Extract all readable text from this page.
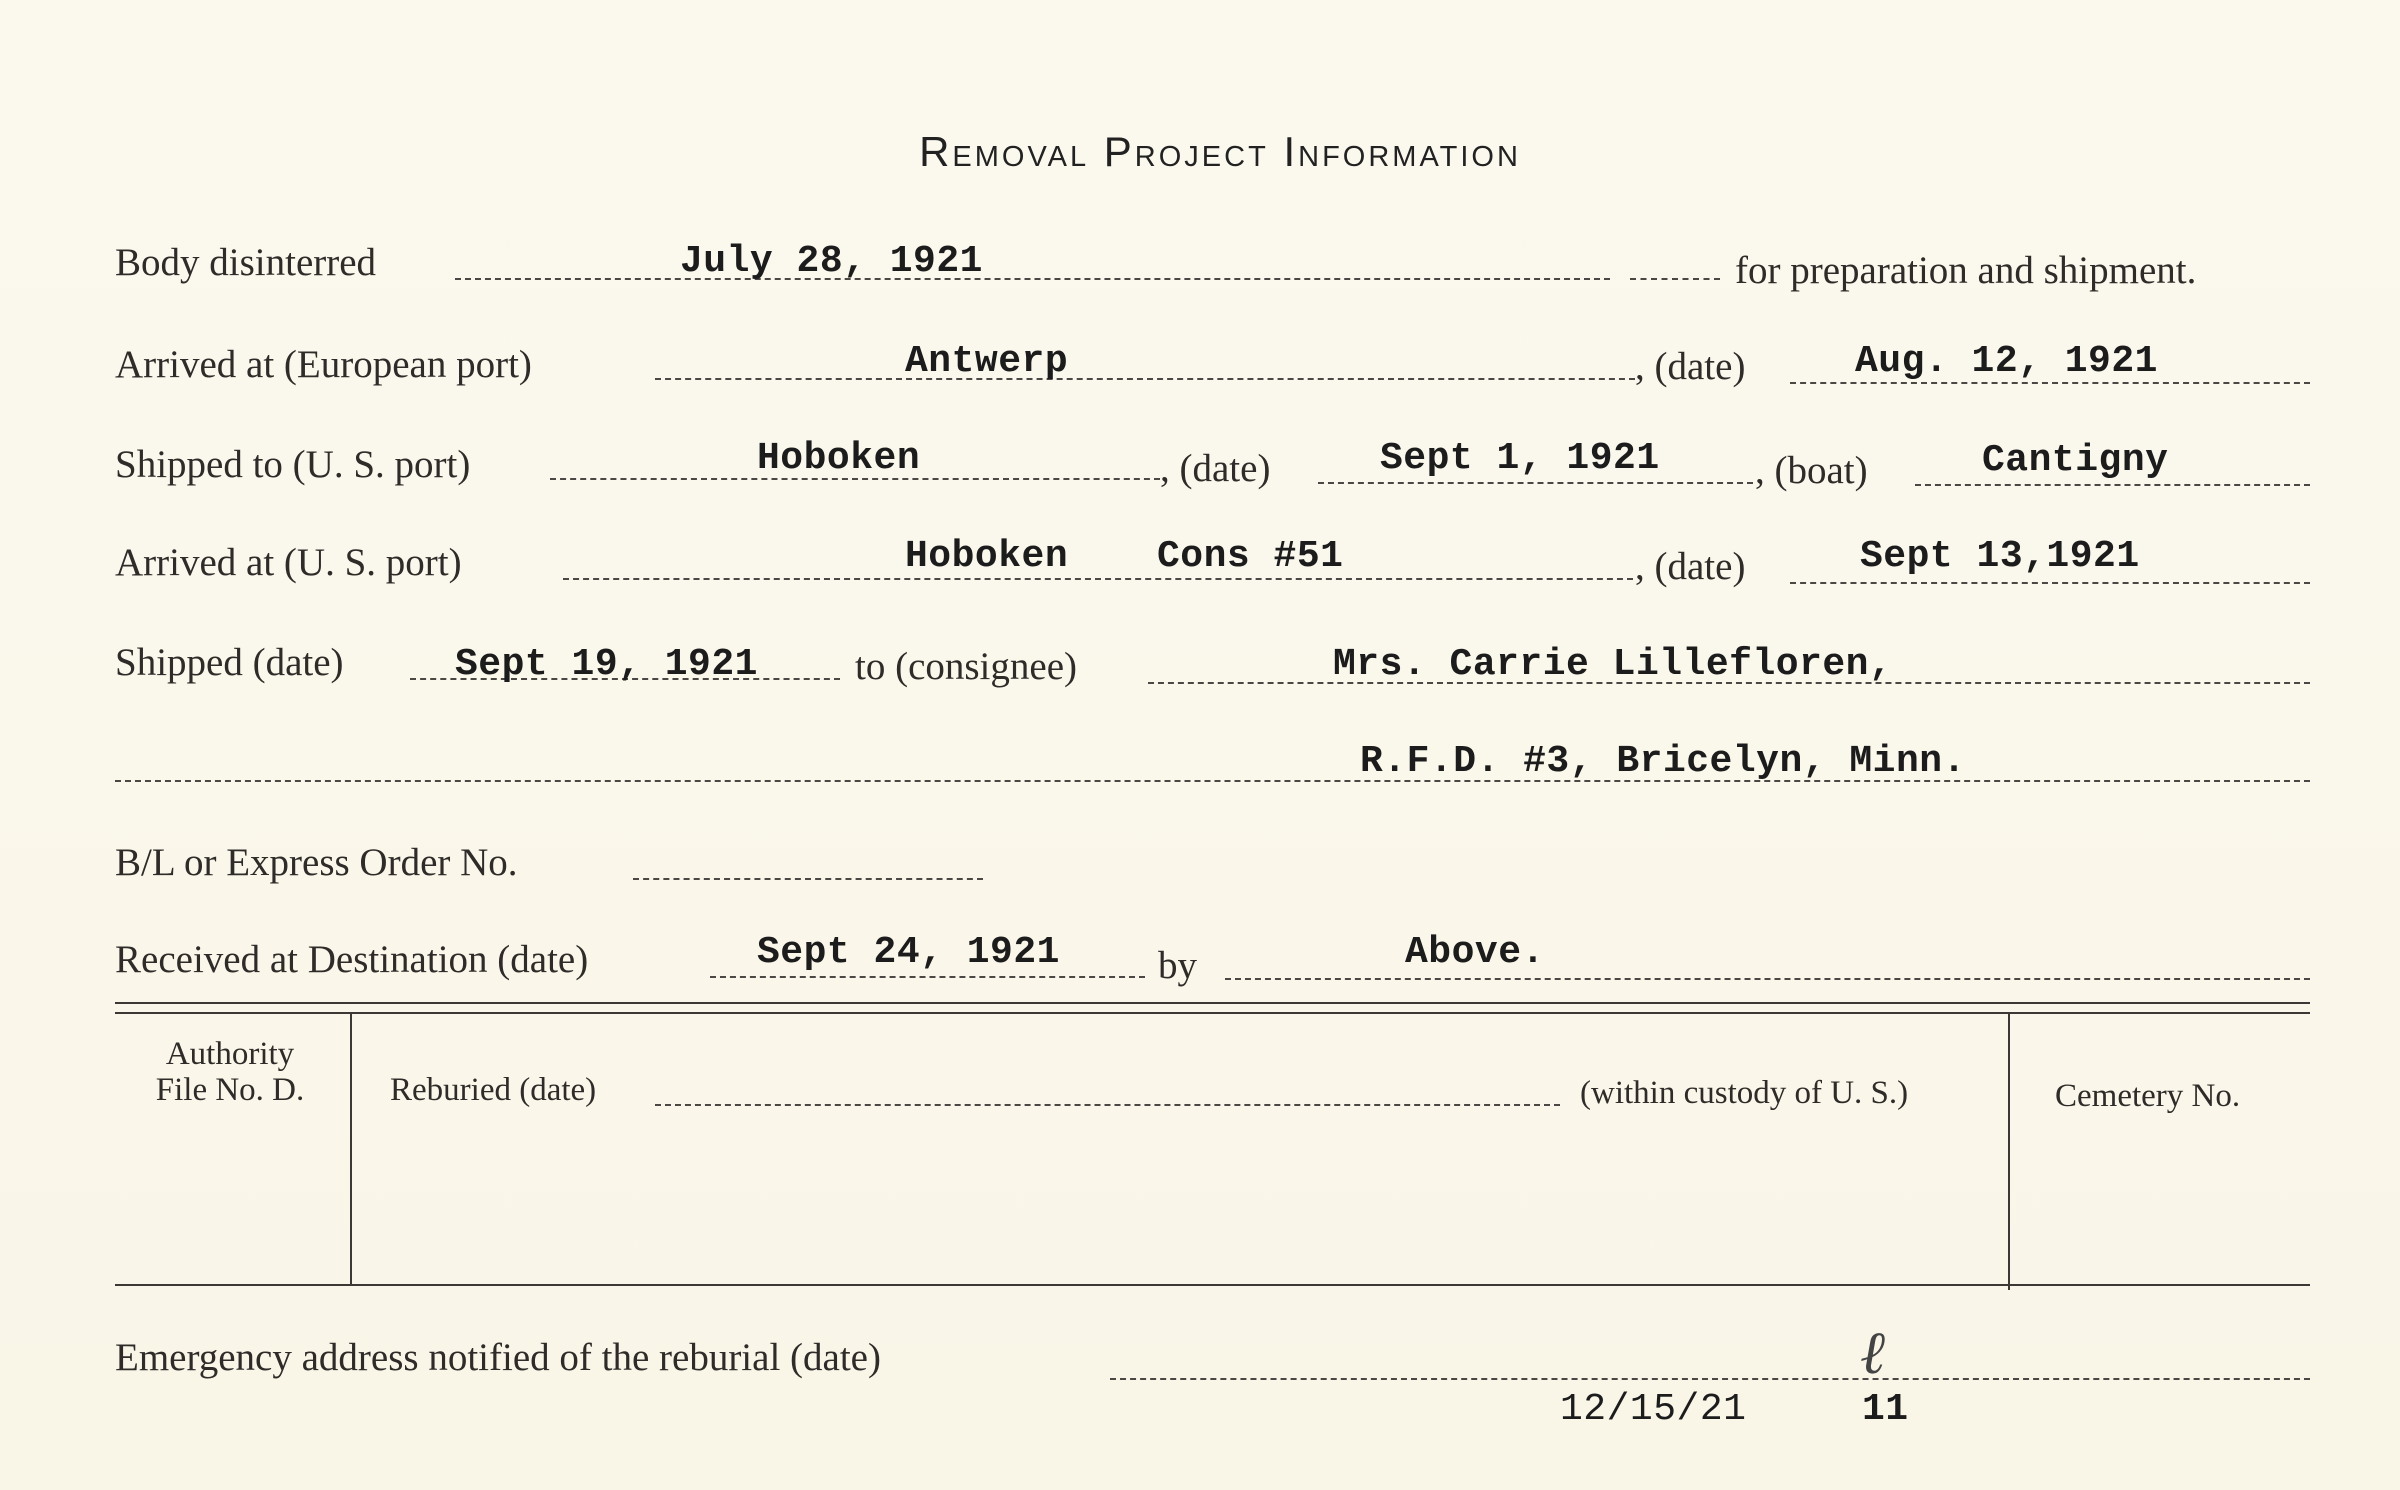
Removal Project Information
Body disinterred	July 28, 1921	for preparation and shipment.
Arrived at (European port)	Antwerp	, (date)	Aug. 12, 1921
Shipped to (U. S. port)	Hoboken	, (date)	Sept 1, 1921 , (boat)	Cantigny
Arrived at (U. S. port)	Hoboken Cons #51	, (date)	Sept 13,1921
Shipped (date)	Sept 19, 1921 to (consignee)	Mrs. Carrie Lillefloren,
R.F.D. #3, Bricelyn, Minn.
B/L or Express Order No.
Received at Destination (date)	Sept 24, 1921	by	Above.
Authority
File No. D.	Reburied (date)	(within custody of U. S.)	Cemetery No.
Emergency address notified of the reburial (date)
12/15/21
ℓ
11
